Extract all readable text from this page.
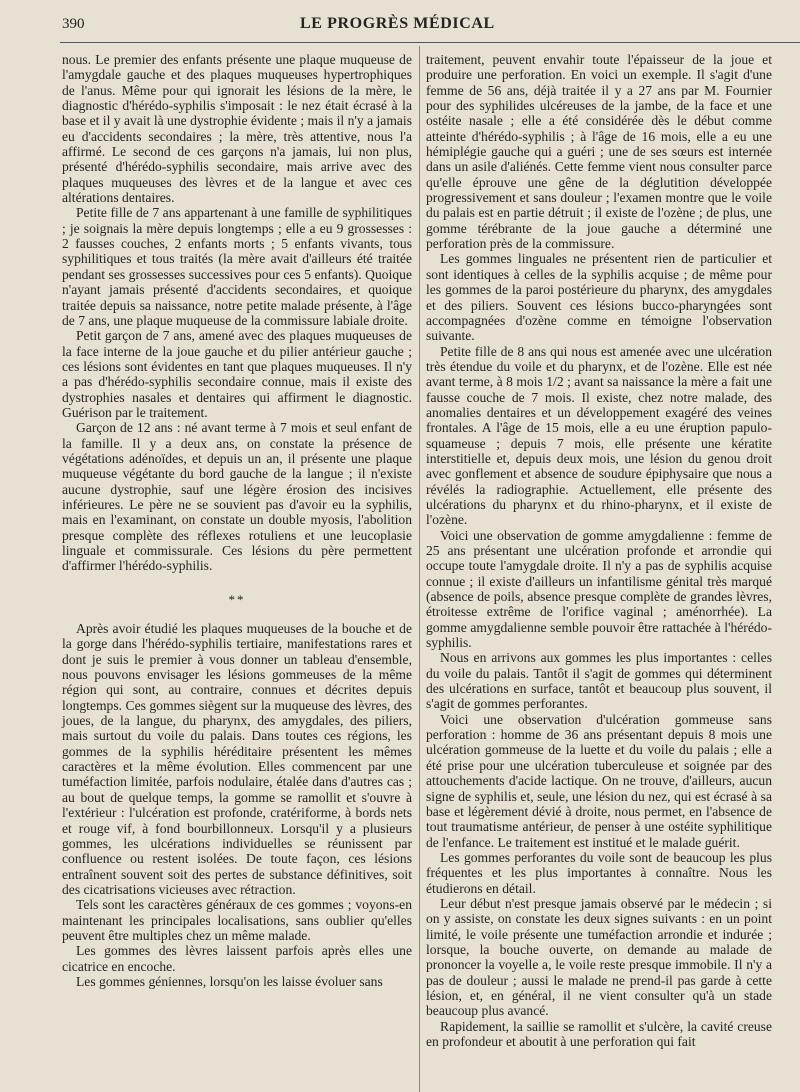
390	LE PROGRÈS MÉDICAL

nous. Le premier des enfants présente une plaque muqueuse de l'amygdale gauche et des plaques muqueuses hypertrophiques de l'anus. Même pour qui ignorait les lésions de la mère, le diagnostic d'hérédo-syphilis s'imposait : le nez était écrasé à la base et il y avait là une dystrophie évidente ; mais il n'y a jamais eu d'accidents secondaires ; la mère, très attentive, nous l'a affirmé. Le second de ces garçons n'a jamais, lui non plus, présenté d'hérédo-syphilis secondaire, mais arrive avec des plaques muqueuses des lèvres et de la langue et avec ces altérations dentaires.

Petite fille de 7 ans appartenant à une famille de syphilitiques ; je soignais la mère depuis longtemps ; elle a eu 9 grossesses : 2 fausses couches, 2 enfants morts ; 5 enfants vivants, tous syphilitiques et tous traités (la mère avait d'ailleurs été traitée pendant ses grossesses successives pour ces 5 enfants). Quoique n'ayant jamais présenté d'accidents secondaires, et quoique traitée depuis sa naissance, notre petite malade présente, à l'âge de 7 ans, une plaque muqueuse de la commissure labiale droite.

Petit garçon de 7 ans, amené avec des plaques muqueuses de la face interne de la joue gauche et du pilier antérieur gauche ; ces lésions sont évidentes en tant que plaques muqueuses. Il n'y a pas d'hérédo-syphilis secondaire connue, mais il existe des dystrophies nasales et dentaires qui affirment le diagnostic. Guérison par le traitement.

Garçon de 12 ans : né avant terme à 7 mois et seul enfant de la famille. Il y a deux ans, on constate la présence de végétations adénoïdes, et depuis un an, il présente une plaque muqueuse végétante du bord gauche de la langue ; il n'existe aucune dystrophie, sauf une légère érosion des incisives inférieures. Le père ne se souvient pas d'avoir eu la syphilis, mais en l'examinant, on constate un double myosis, l'abolition presque complète des réflexes rotuliens et une leucoplasie linguale et commissurale. Ces lésions du père permettent d'affirmer l'hérédo-syphilis.

**

Après avoir étudié les plaques muqueuses de la bouche et de la gorge dans l'hérédo-syphilis tertiaire, manifestations rares et dont je suis le premier à vous donner un tableau d'ensemble, nous pouvons envisager les lésions gommeuses de la même région qui sont, au contraire, connues et décrites depuis longtemps. Ces gommes siègent sur la muqueuse des lèvres, des joues, de la langue, du pharynx, des amygdales, des piliers, mais surtout du voile du palais. Dans toutes ces régions, les gommes de la syphilis héréditaire présentent les mêmes caractères et la même évolution. Elles commencent par une tuméfaction limitée, parfois nodulaire, étalée dans d'autres cas ; au bout de quelque temps, la gomme se ramollit et s'ouvre à l'extérieur : l'ulcération est profonde, cratériforme, à bords nets et rouge vif, à fond bourbillonneux. Lorsqu'il y a plusieurs gommes, les ulcérations individuelles se réunissent par confluence ou restent isolées. De toute façon, ces lésions entraînent souvent soit des pertes de substance définitives, soit des cicatrisations vicieuses avec rétraction.

Tels sont les caractères généraux de ces gommes ; voyons-en maintenant les principales localisations, sans oublier qu'elles peuvent être multiples chez un même malade.

Les gommes des lèvres laissent parfois après elles une cicatrice en encoche.

Les gommes géniennes, lorsqu'on les laisse évoluer sans

traitement, peuvent envahir toute l'épaisseur de la joue et produire une perforation. En voici un exemple. Il s'agit d'une femme de 56 ans, déjà traitée il y a 27 ans par M. Fournier pour des syphilides ulcéreuses de la jambe, de la face et une ostéite nasale ; elle a été considérée dès le début comme atteinte d'hérédo-syphilis ; à l'âge de 16 mois, elle a eu une hémiplégie gauche qui a guéri ; une de ses sœurs est internée dans un asile d'aliénés. Cette femme vient nous consulter parce qu'elle éprouve une gêne de la déglutition développée progressivement et sans douleur ; l'examen montre que le voile du palais est en partie détruit ; il existe de l'ozène ; de plus, une gomme térébrante de la joue gauche a déterminé une perforation près de la commissure.

Les gommes linguales ne présentent rien de particulier et sont identiques à celles de la syphilis acquise ; de même pour les gommes de la paroi postérieure du pharynx, des amygdales et des piliers. Souvent ces lésions bucco-pharyngées sont accompagnées d'ozène comme en témoigne l'observation suivante.

Petite fille de 8 ans qui nous est amenée avec une ulcération très étendue du voile et du pharynx, et de l'ozène. Elle est née avant terme, à 8 mois 1/2 ; avant sa naissance la mère a fait une fausse couche de 7 mois. Il existe, chez notre malade, des anomalies dentaires et un développement exagéré des veines frontales. A l'âge de 15 mois, elle a eu une éruption papulo-squameuse ; depuis 7 mois, elle présente une kératite interstitielle et, depuis deux mois, une lésion du genou droit avec gonflement et absence de soudure épiphysaire que nous a révélés la radiographie. Actuellement, elle présente des ulcérations du pharynx et du rhino-pharynx, et il existe de l'ozène.

Voici une observation de gomme amygdalienne : femme de 25 ans présentant une ulcération profonde et arrondie qui occupe toute l'amygdale droite. Il n'y a pas de syphilis acquise connue ; il existe d'ailleurs un infantilisme génital très marqué (absence de poils, absence presque complète de grandes lèvres, étroitesse extrême de l'orifice vaginal ; aménorrhée). La gomme amygdalienne semble pouvoir être rattachée à l'hérédo-syphilis.

Nous en arrivons aux gommes les plus importantes : celles du voile du palais. Tantôt il s'agit de gommes qui déterminent des ulcérations en surface, tantôt et beaucoup plus souvent, il s'agit de gommes perforantes.

Voici une observation d'ulcération gommeuse sans perforation : homme de 36 ans présentant depuis 8 mois une ulcération gommeuse de la luette et du voile du palais ; elle a été prise pour une ulcération tuberculeuse et soignée par des attouchements d'acide lactique. On ne trouve, d'ailleurs, aucun signe de syphilis et, seule, une lésion du nez, qui est écrasé à sa base et légèrement dévié à droite, nous permet, en l'absence de tout traumatisme antérieur, de penser à une ostéite syphilitique de l'enfance. Le traitement est institué et le malade guérit.

Les gommes perforantes du voile sont de beaucoup les plus fréquentes et les plus importantes à connaître. Nous les étudierons en détail.

Leur début n'est presque jamais observé par le médecin ; si on y assiste, on constate les deux signes suivants : en un point limité, le voile présente une tuméfaction arrondie et indurée ; lorsque, la bouche ouverte, on demande au malade de prononcer la voyelle a, le voile reste presque immobile. Il n'y a pas de douleur ; aussi le malade ne prend-il pas garde à cette lésion, et, en général, il ne vient consulter qu'à un stade beaucoup plus avancé.

Rapidement, la saillie se ramollit et s'ulcère, la cavité creuse en profondeur et aboutit à une perforation qui fait
